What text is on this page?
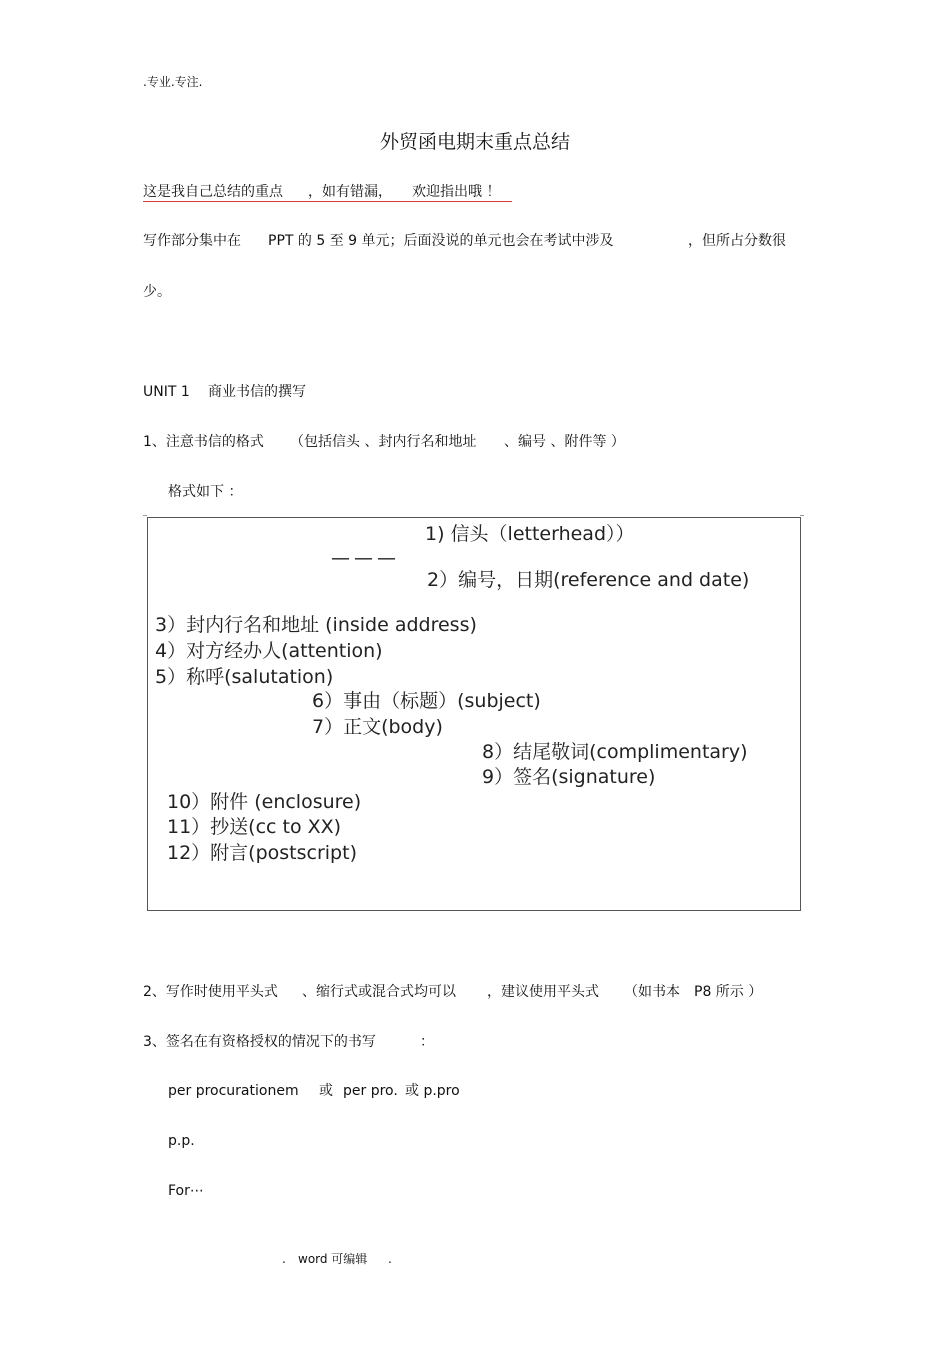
.专业.专注.
外贸函电期末重点总结
这是我自己总结的重点 ，如有错漏， 欢迎指出哦 ！
写作部分集中在 PPT 的 5 至 9 单元；后面没说的单元也会在考试中涉及	，但所占分数很
少。
UNIT 1 商业书信的撰写
1、注意书信的格式 （包括信头 、封内行名和地址 、编号 、附件等 ）
格式如下 ：
1) 信头（letterhead））
———
2）编号，日期(reference and date)
3）封内行名和地址 (inside address)
4）对方经办人(attention)
5）称呼(salutation)
6）事由（标题）(subject)
7）正文(body)
8）结尾敬词(complimentary)
9）签名(signature)
10）附件 (enclosure)
11）抄送(cc to XX)
12）附言(postscript)
2、写作时使用平头式 、缩行式或混合式均可以 ，建议使用平头式 （如书本 P8 所示 ）
3、签名在有资格授权的情况下的书写	：
per procurationem 或 per pro. 或 p.pro
p.p.
For⋯
. word 可编辑 .
